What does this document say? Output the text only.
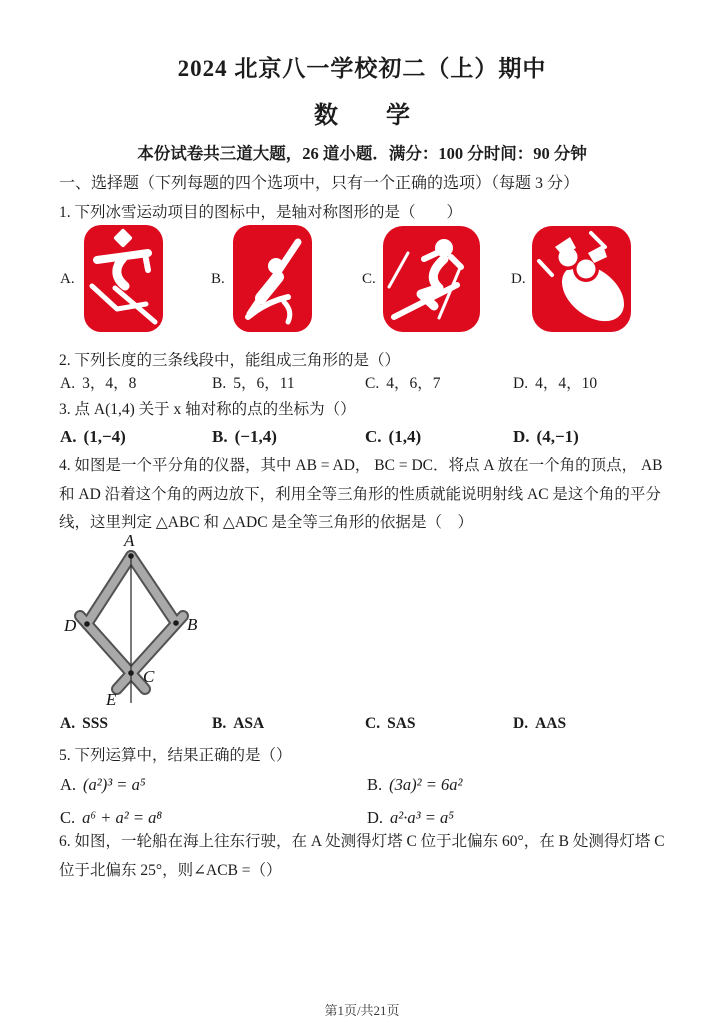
2024 北京八一学校初二（上）期中
数　　学
本份试卷共三道大题，26 道小题．满分：100 分时间：90 分钟
一、选择题（下列每题的四个选项中，只有一个正确的选项）（每题 3 分）
1. 下列冰雪运动项目的图标中，是轴对称图形的是（　　）
A.	B.	C.	D.
2. 下列长度的三条线段中，能组成三角形的是（）
A. 3，4，8	B. 5，6，11	C. 4，6，7	D. 4，4，10
3. 点 A(1,4) 关于 x 轴对称的点的坐标为（）
A. (1,−4)	B. (−1,4)	C. (1,4)	D. (4,−1)
4. 如图是一个平分角的仪器，其中 AB = AD， BC = DC．将点 A 放在一个角的顶点， AB 和 AD 沿着这个角的两边放下，利用全等三角形的性质就能说明射线 AC 是这个角的平分线，这里判定 △ABC 和 △ADC 是全等三角形的依据是（　）
A
D	B
C
E
A. SSS	B. ASA	C. SAS	D. AAS
5. 下列运算中，结果正确的是（）
A. (a²)³ = a⁵	B. (3a)² = 6a²
C. a⁶ + a² = a⁸	D. a²·a³ = a⁵
6. 如图，一轮船在海上往东行驶，在 A 处测得灯塔 C 位于北偏东 60°，在 B 处测得灯塔 C 位于北偏东 25°，则∠ACB =（）
第1页/共21页
